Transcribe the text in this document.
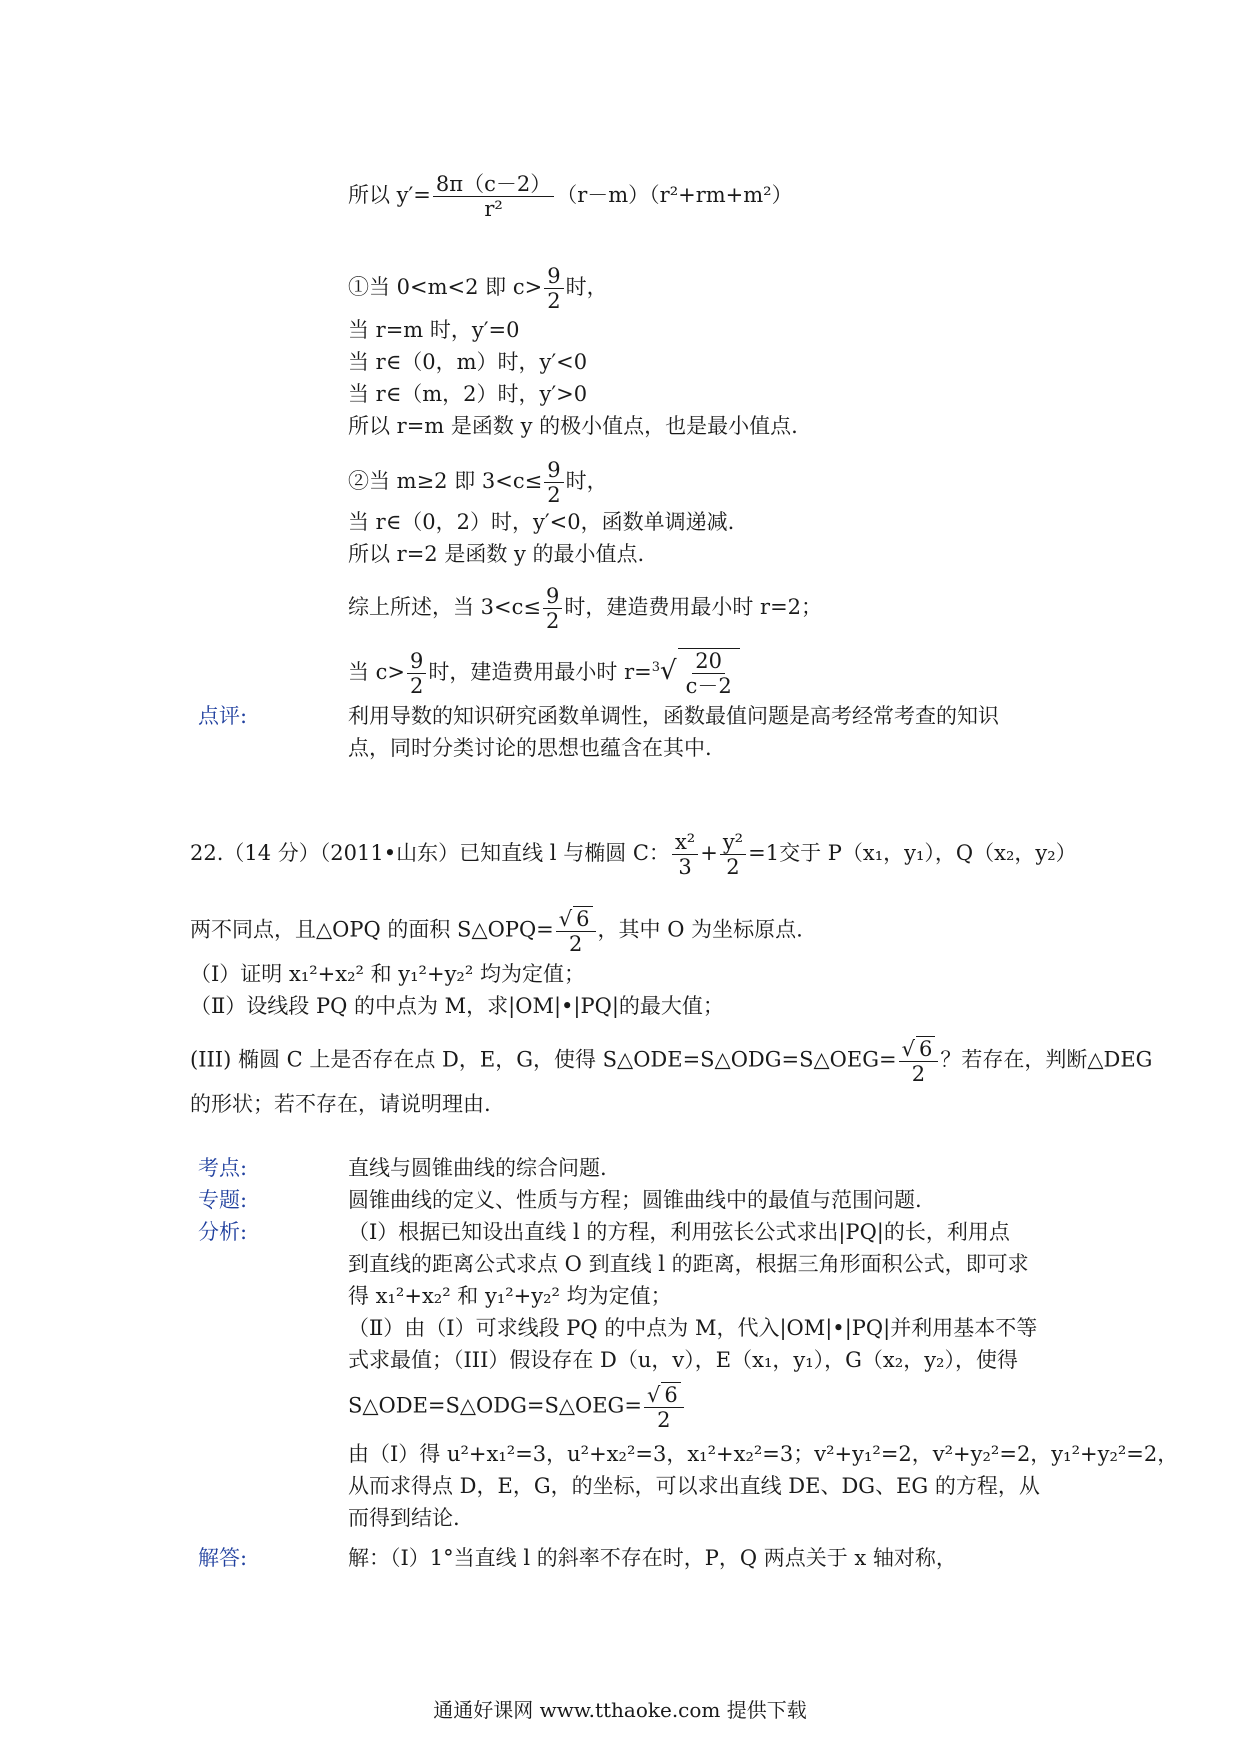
所以 $y'= \frac{8\pi(c-2)}{\text{r²}} (r-m)(r^2+rm+m^2)$
①当 0<m<2 即 $c> \frac{9}{2}$ 时，
当 r=m 时，y′=0
当 r∈（0，m）时，y′<0
当 r∈（m，2）时，y′>0
所以 r=m 是函数 y 的极小值点，也是最小值点.
②当 m≥2 即 $3<c\le \frac{9}{2}$ 时，
当 r∈（0，2）时，y′<0，函数单调递减.
所以 r=2 是函数 y 的最小值点.
综上所述，当 $3<c\le \frac{9}{2}$ 时，建造费用最小时 r=2；
当 $c> \frac{9}{2}$ 时，建造费用最小时 $r=^3√ \frac{20}{c-2}$
点评:	利用导数的知识研究函数单调性，函数最值问题是高考经常考查的知识
点，同时分类讨论的思想也蕴含在其中.
22.（14 分）（2011•山东）已知直线 l 与椭圆 C： $\frac{\text{x²}}{3} + \frac{\text{y²}}{2} =1$交于 P（x₁，y₁），Q（x₂，y₂）
两不同点，且△OPQ 的面积 S△OPQ= $\frac{√ 6}{2}$ ，其中 O 为坐标原点.
（Ⅰ）证明 x₁²+x₂² 和 y₁²+y₂² 均为定值；
（Ⅱ）设线段 PQ 的中点为 M，求|OM|•|PQ|的最大值；
(III) 椭圆 C 上是否存在点 D，E，G，使得 S△ODE=S△ODG=S△OEG= $\frac{√ 6}{2}$ ？若存在，判断△DEG
的形状；若不存在，请说明理由.
考点:	直线与圆锥曲线的综合问题.
专题:	圆锥曲线的定义、性质与方程；圆锥曲线中的最值与范围问题.
分析:	（Ⅰ）根据已知设出直线 l 的方程，利用弦长公式求出|PQ|的长，利用点
到直线的距离公式求点 O 到直线 l 的距离，根据三角形面积公式，即可求
得 x₁²+x₂² 和 y₁²+y₂² 均为定值；
（Ⅱ）由（Ⅰ）可求线段 PQ 的中点为 M，代入|OM|•|PQ|并利用基本不等
式求最值；（III）假设存在 D（u，v），E（x₁，y₁），G（x₂，y₂），使得
S△ODE=S△ODG=S△OEG= $\frac{√ 6}{2}$
由（Ⅰ）得 u²+x₁²=3，u²+x₂²=3，x₁²+x₂²=3；v²+y₁²=2，v²+y₂²=2，y₁²+y₂²=2，
从而求得点 D，E，G，的坐标，可以求出直线 DE、DG、EG 的方程，从
而得到结论.
解答:	解：（Ⅰ）1°当直线 l 的斜率不存在时，P，Q 两点关于 x 轴对称，
通通好课网 www.tthaoke.com 提供下载
